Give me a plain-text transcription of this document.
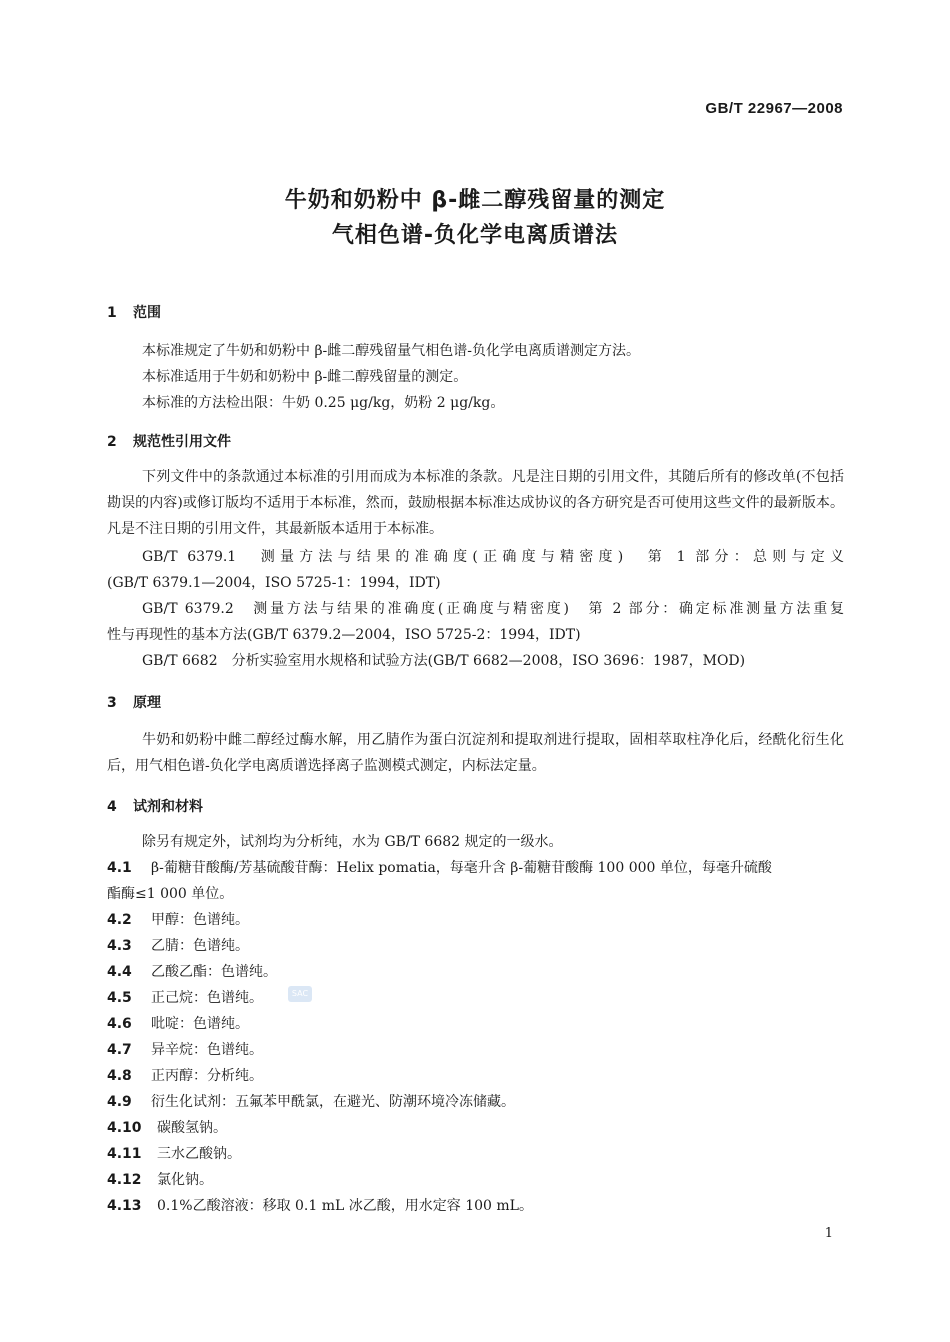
GB/T 22967—2008
牛奶和奶粉中 β-雌二醇残留量的测定
气相色谱-负化学电离质谱法
1 范围
本标准规定了牛奶和奶粉中 β-雌二醇残留量气相色谱-负化学电离质谱测定方法。
本标准适用于牛奶和奶粉中 β-雌二醇残留量的测定。
本标准的方法检出限：牛奶 0.25 μg/kg，奶粉 2 μg/kg。
2 规范性引用文件
下列文件中的条款通过本标准的引用而成为本标准的条款。凡是注日期的引用文件，其随后所有的修改单(不包括勘误的内容)或修订版均不适用于本标准，然而，鼓励根据本标准达成协议的各方研究是否可使用这些文件的最新版本。凡是不注日期的引用文件，其最新版本适用于本标准。
GB/T 6379.1　测量方法与结果的准确度(正确度与精密度)　第 1 部分：总则与定义
(GB/T 6379.1—2004，ISO 5725-1：1994，IDT)
GB/T 6379.2　测量方法与结果的准确度(正确度与精密度)　第 2 部分：确定标准测量方法重复
性与再现性的基本方法(GB/T 6379.2—2004，ISO 5725-2：1994，IDT)
GB/T 6682　分析实验室用水规格和试验方法(GB/T 6682—2008，ISO 3696：1987，MOD)
3 原理
牛奶和奶粉中雌二醇经过酶水解，用乙腈作为蛋白沉淀剂和提取剂进行提取，固相萃取柱净化后，经酰化衍生化后，用气相色谱-负化学电离质谱选择离子监测模式测定，内标法定量。
4 试剂和材料
除另有规定外，试剂均为分析纯，水为 GB/T 6682 规定的一级水。
4.1 β-葡糖苷酸酶/芳基硫酸苷酶：Helix pomatia，每毫升含 β-葡糖苷酸酶 100 000 单位，每毫升硫酸
酯酶≤1 000 单位。
4.2 甲醇：色谱纯。
4.3 乙腈：色谱纯。
4.4 乙酸乙酯：色谱纯。
4.5 正己烷：色谱纯。
4.6 吡啶：色谱纯。
4.7 异辛烷：色谱纯。
4.8 正丙醇：分析纯。
4.9 衍生化试剂：五氟苯甲酰氯，在避光、防潮环境冷冻储藏。
4.10 碳酸氢钠。
4.11 三水乙酸钠。
4.12 氯化钠。
4.13 0.1%乙酸溶液：移取 0.1 mL 冰乙酸，用水定容 100 mL。
SAC
1
